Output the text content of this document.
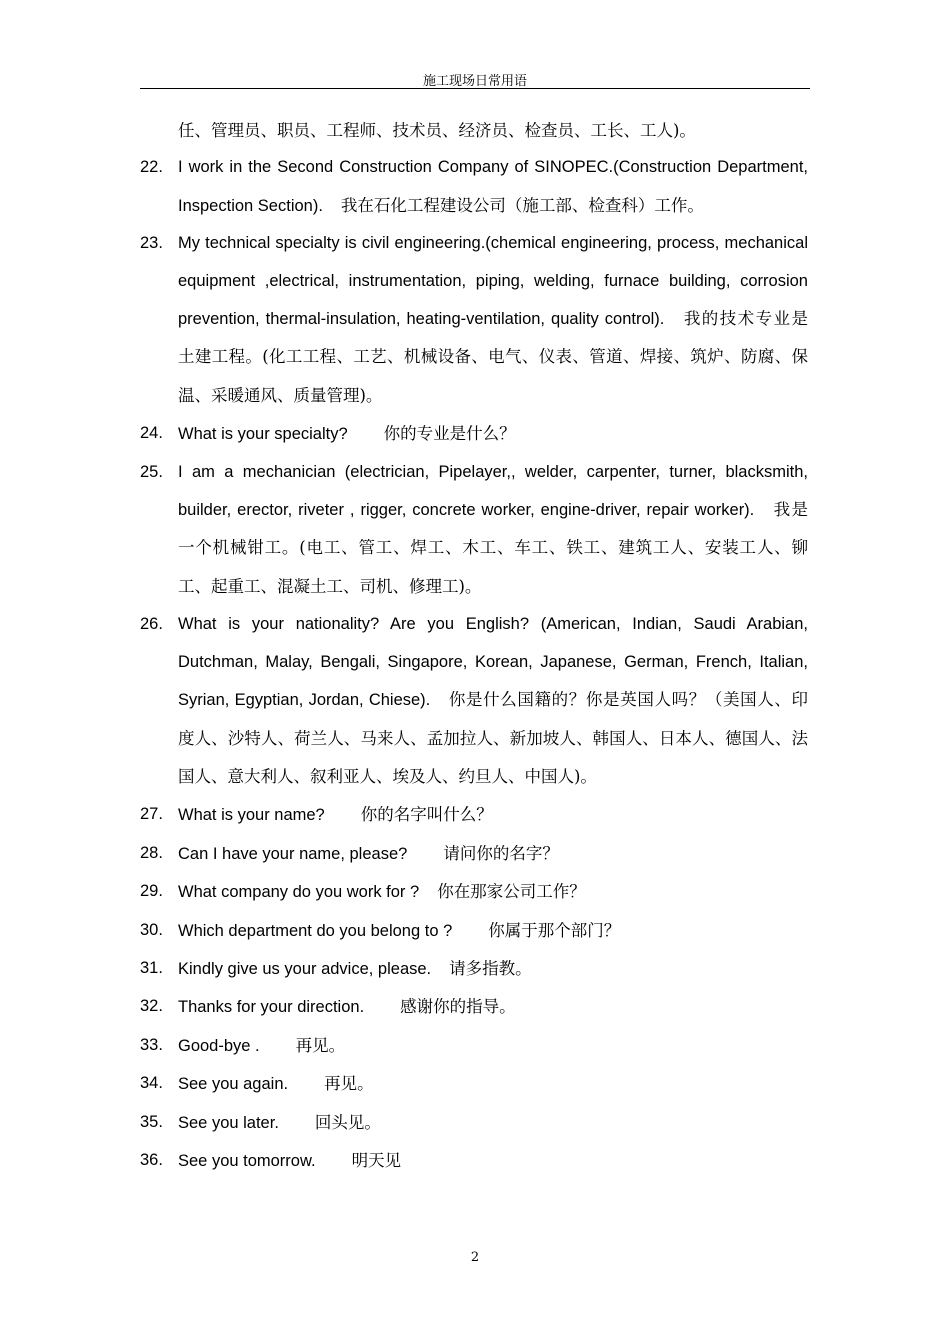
施工现场日常用语
任、管理员、职员、工程师、技术员、经济员、检查员、工长、工人)。
22. I work in the Second Construction Company of SINOPEC.(Construction Department, Inspection Section). 我在石化工程建设公司（施工部、检查科）工作。
23. My technical specialty is civil engineering.(chemical engineering, process, mechanical equipment ,electrical, instrumentation, piping, welding, furnace building, corrosion prevention, thermal-insulation, heating-ventilation, quality control). 我的技术专业是土建工程。(化工工程、工艺、机械设备、电气、仪表、管道、焊接、筑炉、防腐、保温、采暖通风、质量管理)。
24. What is your specialty? 你的专业是什么？
25. I am a mechanician (electrician, Pipelayer,, welder, carpenter, turner, blacksmith, builder, erector, riveter , rigger, concrete worker, engine-driver, repair worker). 我是一个机械钳工。(电工、管工、焊工、木工、车工、铁工、建筑工人、安装工人、铆工、起重工、混凝土工、司机、修理工)。
26. What is your nationality? Are you English? (American, Indian, Saudi Arabian, Dutchman, Malay, Bengali, Singapore, Korean, Japanese, German, French, Italian, Syrian, Egyptian, Jordan, Chiese). 你是什么国籍的？你是英国人吗？（美国人、印度人、沙特人、荷兰人、马来人、孟加拉人、新加坡人、韩国人、日本人、德国人、法国人、意大利人、叙利亚人、埃及人、约旦人、中国人)。
27. What is your name? 你的名字叫什么？
28. Can I have your name, please? 请问你的名字？
29. What company do you work for ? 你在那家公司工作？
30. Which department do you belong to ? 你属于那个部门？
31. Kindly give us your advice, please. 请多指教。
32. Thanks for your direction. 感谢你的指导。
33. Good-bye . 再见。
34. See you again. 再见。
35. See you later. 回头见。
36. See you tomorrow. 明天见
2
